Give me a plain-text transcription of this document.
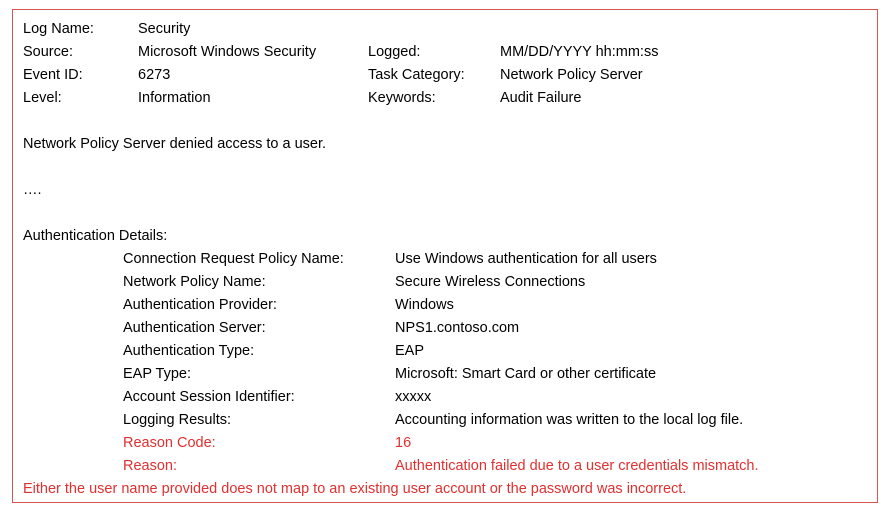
Log Name:	Security
Source:	Microsoft Windows Security	Logged:	MM/DD/YYYY hh:mm:ss
Event ID:	6273	Task Category:	Network Policy Server
Level:	Information	Keywords:	Audit Failure
Network Policy Server denied access to a user.
….
Authentication Details:
Connection Request Policy Name:	Use Windows authentication for all users
Network Policy Name:	Secure Wireless Connections
Authentication Provider:	Windows
Authentication Server:	NPS1.contoso.com
Authentication Type:	EAP
EAP Type:	Microsoft: Smart Card or other certificate
Account Session Identifier:	xxxxx
Logging Results:	Accounting information was written to the local log file.
Reason Code:	16
Reason:	Authentication failed due to a user credentials mismatch.
Either the user name provided does not map to an existing user account or the password was incorrect.
